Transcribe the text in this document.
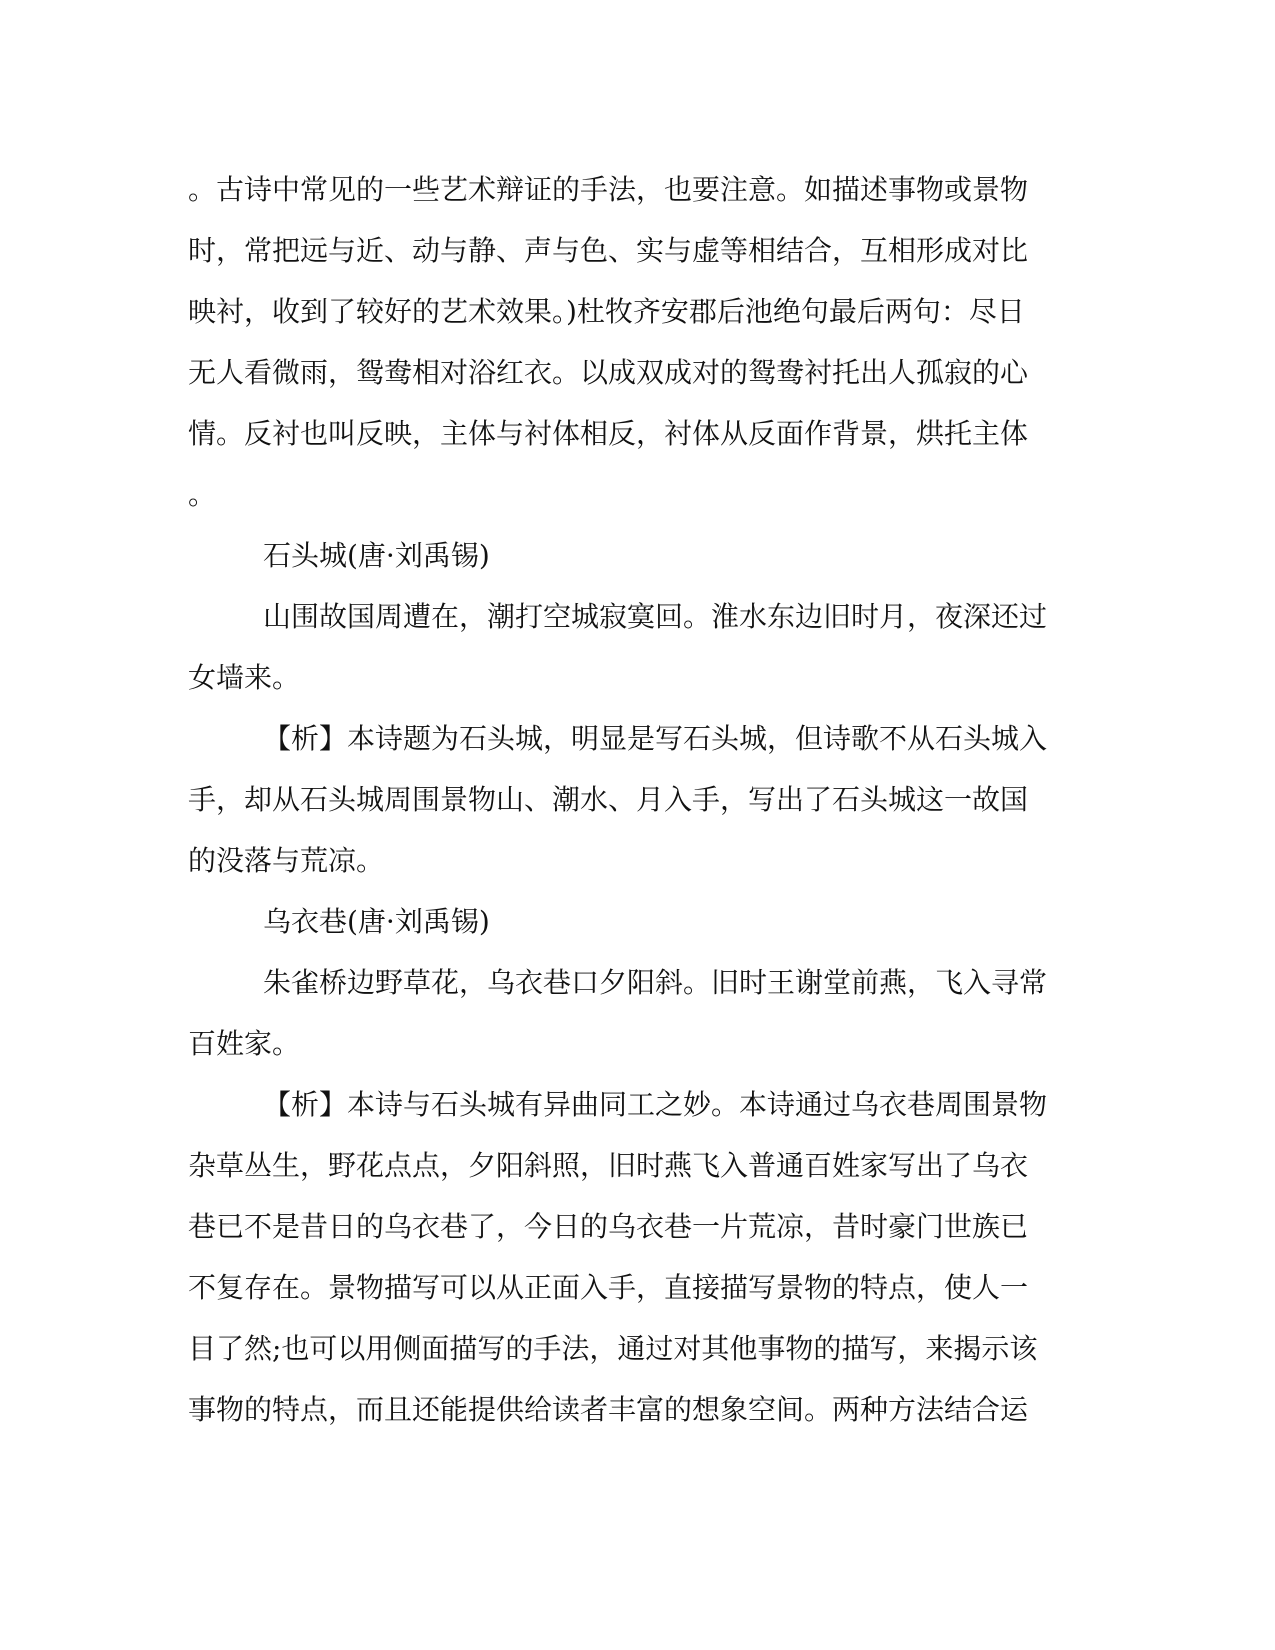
。古诗中常见的一些艺术辩证的手法，也要注意。如描述事物或景物
时，常把远与近、动与静、声与色、实与虚等相结合，互相形成对比
映衬，收到了较好的艺术效果。)杜牧齐安郡后池绝句最后两句：尽日
无人看微雨，鸳鸯相对浴红衣。以成双成对的鸳鸯衬托出人孤寂的心
情。反衬也叫反映，主体与衬体相反，衬体从反面作背景，烘托主体
。
石头城(唐·刘禹锡)
山围故国周遭在，潮打空城寂寞回。淮水东边旧时月，夜深还过
女墙来。
【析】本诗题为石头城，明显是写石头城，但诗歌不从石头城入
手，却从石头城周围景物山、潮水、月入手，写出了石头城这一故国
的没落与荒凉。
乌衣巷(唐·刘禹锡)
朱雀桥边野草花，乌衣巷口夕阳斜。旧时王谢堂前燕，飞入寻常
百姓家。
【析】本诗与石头城有异曲同工之妙。本诗通过乌衣巷周围景物
杂草丛生，野花点点，夕阳斜照，旧时燕飞入普通百姓家写出了乌衣
巷已不是昔日的乌衣巷了，今日的乌衣巷一片荒凉，昔时豪门世族已
不复存在。景物描写可以从正面入手，直接描写景物的特点，使人一
目了然;也可以用侧面描写的手法，通过对其他事物的描写，来揭示该
事物的特点，而且还能提供给读者丰富的想象空间。两种方法结合运
